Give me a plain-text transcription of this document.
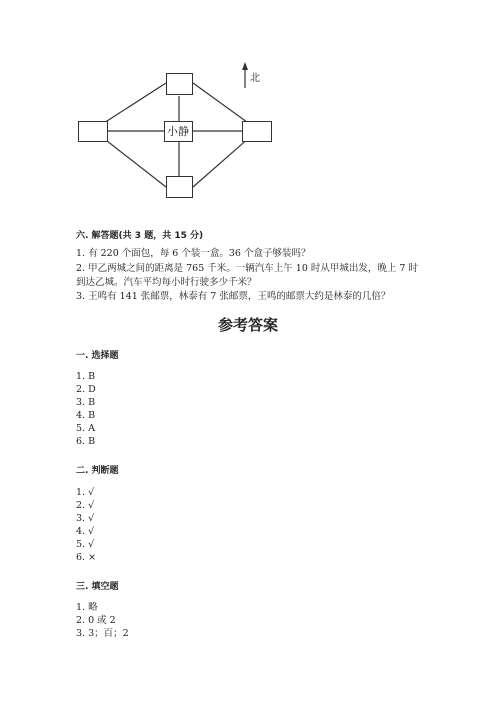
小静
北
六. 解答题(共 3 题，共 15 分)
1. 有 220 个面包，每 6 个装一盒。36 个盒子够装吗？
2. 甲乙两城之间的距离是 765 千米。一辆汽车上午 10 时从甲城出发，晚上 7 时
到达乙城。汽车平均每小时行驶多少千米？
3. 王鸣有 141 张邮票，林泰有 7 张邮票，王鸣的邮票大约是林泰的几倍？
参考答案
一. 选择题
1. B
2. D
3. B
4. B
5. A
6. B
二. 判断题
1. √
2. √
3. √
4. √
5. √
6. ×
三. 填空题
1. 略
2. 0 或 2
3. 3；百；2
